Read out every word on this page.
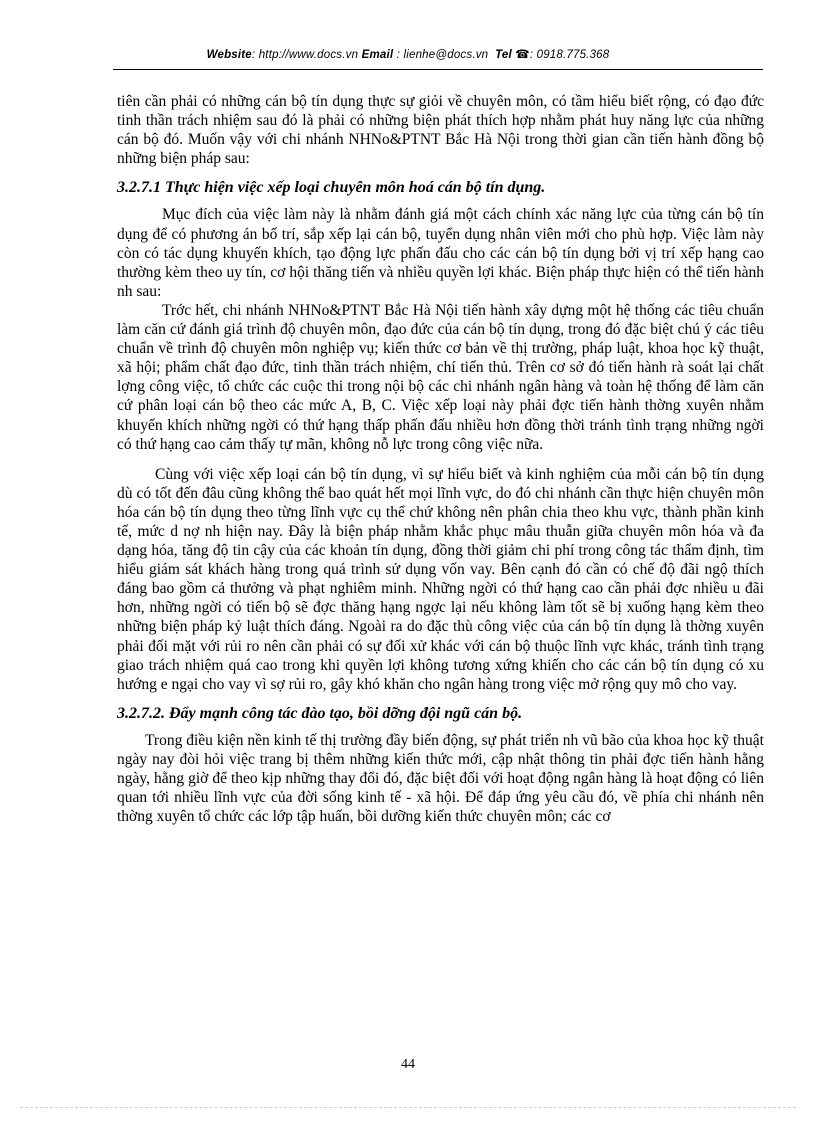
Website: http://www.docs.vn Email : lienhe@docs.vn  Tel ☎: 0918.775.368

tiên cần phải có những cán bộ tín dụng thực sự giỏi về chuyên môn, có tầm hiểu biết rộng, có đạo đức tinh thần trách nhiệm sau đó là phải có những biện phát thích hợp nhằm phát huy năng lực của những cán bộ đó. Muốn vậy với chi nhánh NHNo&PTNT Bắc Hà Nội trong thời gian cần tiến hành đồng bộ những biện pháp sau:

3.2.7.1 Thực hiện việc xếp loại chuyên môn hoá cán bộ tín dụng.

Mục đích của việc làm này là nhằm đánh giá một cách chính xác năng lực của từng cán bộ tín dụng để có phương án bố trí, sắp xếp lại cán bộ, tuyển dụng nhân viên mới cho phù hợp. Việc làm này còn có tác dụng khuyến khích, tạo động lực phấn đấu cho các cán bộ tín dụng bởi vị trí xếp hạng cao thường kèm theo uy tín, cơ hội thăng tiến và nhiều quyền lợi khác. Biện pháp thực hiện có thể tiến hành nh sau:

Trớc hết, chi nhánh NHNo&PTNT Bắc Hà Nội tiến hành xây dựng một hệ thống các tiêu chuẩn làm căn cứ đánh giá trình độ chuyên môn, đạo đức của cán bộ tín dụng, trong đó đặc biệt chú ý các tiêu chuẩn về trình độ chuyên môn nghiệp vụ; kiến thức cơ bản về thị trường, pháp luật, khoa học kỹ thuật, xã hội; phẩm chất đạo đức, tinh thần trách nhiệm, chí tiến thủ. Trên cơ sở đó tiến hành rà soát lại chất lợng công việc, tổ chức các cuộc thi trong nội bộ các chi nhánh ngân hàng và toàn hệ thống để làm căn cứ phân loại cán bộ theo các mức A, B, C. Việc xếp loại này phải đợc tiến hành thờng xuyên nhằm khuyến khích những ngời có thứ hạng thấp phấn đấu nhiều hơn đồng thời tránh tình trạng những ngời có thứ hạng cao cảm thấy tự mãn, không nỗ lực trong công việc nữa.

Cùng với việc xếp loại cán bộ tín dụng, vì sự hiểu biết và kinh nghiệm của mỗi cán bộ tín dụng dù có tốt đến đâu cũng không thể bao quát hết mọi lĩnh vực, do đó chi nhánh cần thực hiện chuyên môn hóa cán bộ tín dụng theo từng lĩnh vực cụ thể chứ không nên phân chia theo khu vực, thành phần kinh tế, mức d nợ nh hiện nay. Đây là biện pháp nhằm khắc phục mâu thuẫn giữa chuyên môn hóa và đa dạng hóa, tăng độ tin cậy của các khoản tín dụng, đồng thời giảm chi phí trong công tác thẩm định, tìm hiểu giám sát khách hàng trong quá trình sử dụng vốn vay. Bên cạnh đó cần có chế độ đãi ngộ thích đáng bao gồm cả thưởng và phạt nghiêm minh. Những ngời có thứ hạng cao cần phải đợc nhiều u đãi hơn, những ngời có tiến bộ sẽ đợc thăng hạng ngợc lại nếu không làm tốt sẽ bị xuống hạng kèm theo những biện pháp kỷ luật thích đáng. Ngoài ra do đặc thù công việc của cán bộ tín dụng là thờng xuyên phải đối mặt với rủi ro nên cần phải có sự đối xử khác với cán bộ thuộc lĩnh vực khác, tránh tình trạng giao trách nhiệm quá cao trong khi quyền lợi không tương xứng khiến cho các cán bộ tín dụng có xu hướng e ngại cho vay vì sợ rủi ro, gây khó khăn cho ngân hàng trong việc mở rộng quy mô cho vay.

3.2.7.2. Đẩy mạnh công tác đào tạo, bồi dỡng đội ngũ cán bộ.

Trong điều kiện nền kinh tế thị trường đầy biến động, sự phát triển nh vũ bão của khoa học kỹ thuật ngày nay đòi hỏi việc trang bị thêm những kiến thức mới, cập nhật thông tin phải đợc tiến hành hằng ngày, hằng giờ để theo kịp những thay đổi đó, đặc biệt đối với hoạt động ngân hàng là hoạt động có liên quan tới nhiều lĩnh vực của đời sống kinh tế - xã hội. Để đáp ứng yêu cầu đó, về phía chi nhánh nên thờng xuyên tổ chức các lớp tập huấn, bồi dưỡng kiến thức chuyên môn; các cơ

44
